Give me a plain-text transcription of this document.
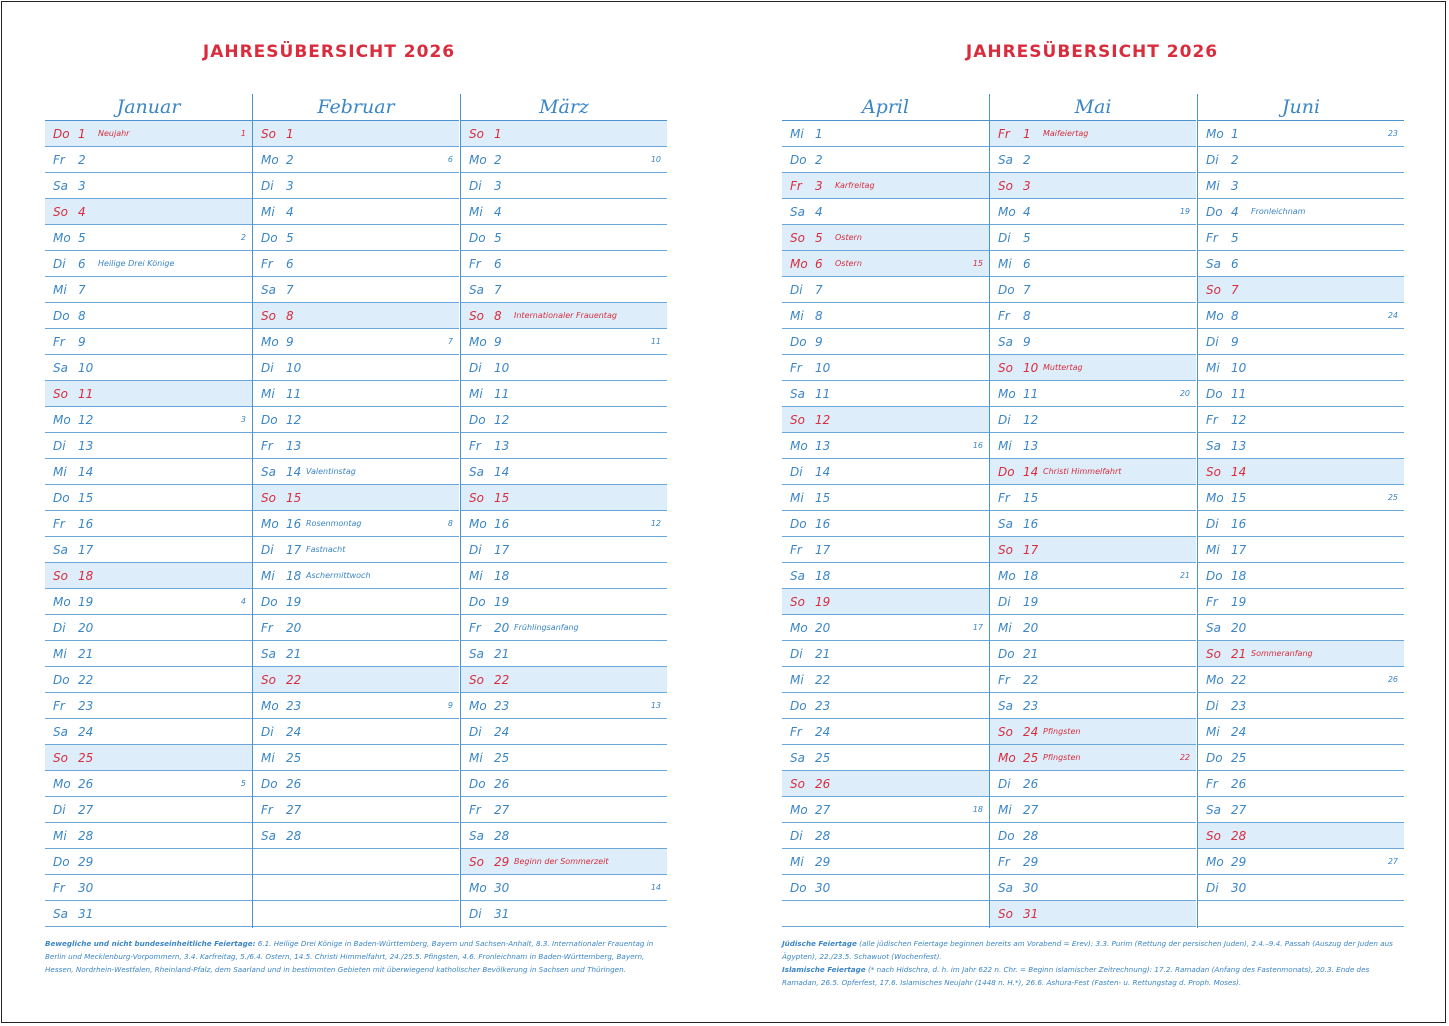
JAHRESÜBERSICHT 2026
Januar
Do 1	Neujahr	1
Fr	2
Sa 3
So 4
Mo 5	2
Di	6	Heilige Drei Könige
Mi 7
Do 8
Fr	9
Sa 10
So 11
Mo 12	3
Di	13
Mi 14
Do 15
Fr	16
Sa 17
So 18
Mo 19	4
Di	20
Mi 21
Do 22
Fr	23
Sa 24
So 25
Mo 26	5
Di	27
Mi 28
Do 29
Fr	30
Sa 31
Februar
So 1
Mo 2	6
Di	3
Mi 4
Do 5
Fr	6
Sa 7
So 8
Mo 9	7
Di	10
Mi 11
Do 12
Fr	13
Sa 14 Valentinstag
So 15
Mo 16 Rosenmontag	8
Di	17 Fastnacht
Mi 18 Aschermittwoch
Do 19
Fr	20
Sa 21
So 22
Mo 23	9
Di	24
Mi 25
Do 26
Fr	27
Sa 28
März
So 1
Mo 2	10
Di	3
Mi 4
Do 5
Fr	6
Sa 7
So 8	Internationaler Frauentag
Mo 9	11
Di	10
Mi 11
Do 12
Fr	13
Sa 14
So 15
Mo 16	12
Di	17
Mi 18
Do 19
Fr	20 Frühlingsanfang
Sa 21
So 22
Mo 23	13
Di	24
Mi 25
Do 26
Fr	27
Sa 28
So 29 Beginn der Sommerzeit
Mo 30	14
Di	31
Bewegliche und nicht bundeseinheitliche Feiertage: 6.1. Heilige Drei Könige in Baden-Württemberg, Bayern und Sachsen-Anhalt, 8.3. Internationaler Frauentag in Berlin und Mecklenburg-Vorpommern, 3.4. Karfreitag, 5./6.4. Ostern, 14.5. Christi Himmelfahrt, 24./25.5. Pfingsten, 4.6. Fronleichnam in Baden-Württemberg, Bayern, Hessen, Nordrhein-Westfalen, Rheinland-Pfalz, dem Saarland und in bestimmten Gebieten mit überwiegend katholischer Bevölkerung in Sachsen und Thüringen.
JAHRESÜBERSICHT 2026
April
Mi 1
Do 2
Fr	3	Karfreitag
Sa 4
So 5	Ostern
Mo 6	Ostern	15
Di	7
Mi 8
Do 9
Fr	10
Sa 11
So 12
Mo 13	16
Di	14
Mi 15
Do 16
Fr	17
Sa 18
So 19
Mo 20	17
Di	21
Mi 22
Do 23
Fr	24
Sa 25
So 26
Mo 27	18
Di	28
Mi 29
Do 30
Mai
Fr	1	Maifeiertag
Sa 2
So 3
Mo 4	19
Di	5
Mi 6
Do 7
Fr	8
Sa 9
So 10 Muttertag
Mo 11	20
Di	12
Mi 13
Do 14 Christi Himmelfahrt
Fr	15
Sa 16
So 17
Mo 18	21
Di	19
Mi 20
Do 21
Fr	22
Sa 23
So 24 Pfingsten
Mo 25 Pfingsten	22
Di	26
Mi 27
Do 28
Fr	29
Sa 30
So 31
Juni
Mo 1	23
Di	2
Mi 3
Do 4	Fronleichnam
Fr	5
Sa 6
So 7
Mo 8	24
Di	9
Mi 10
Do 11
Fr	12
Sa 13
So 14
Mo 15	25
Di	16
Mi 17
Do 18
Fr	19
Sa 20
So 21 Sommeranfang
Mo 22	26
Di	23
Mi 24
Do 25
Fr	26
Sa 27
So 28
Mo 29	27
Di	30
Jüdische Feiertage (alle jüdischen Feiertage beginnen bereits am Vorabend = Erev): 3.3. Purim (Rettung der persischen Juden), 2.4.–9.4. Passah (Auszug der Juden aus Ägypten), 22./23.5. Schawuot (Wochenfest).
Islamische Feiertage (* nach Hidschra, d. h. im Jahr 622 n. Chr. = Beginn islamischer Zeitrechnung): 17.2. Ramadan (Anfang des Fastenmonats), 20.3. Ende des Ramadan, 26.5. Opferfest, 17.6. Islamisches Neujahr (1448 n. H.*), 26.6. Ashura-Fest (Fasten- u. Rettungstag d. Proph. Moses).
